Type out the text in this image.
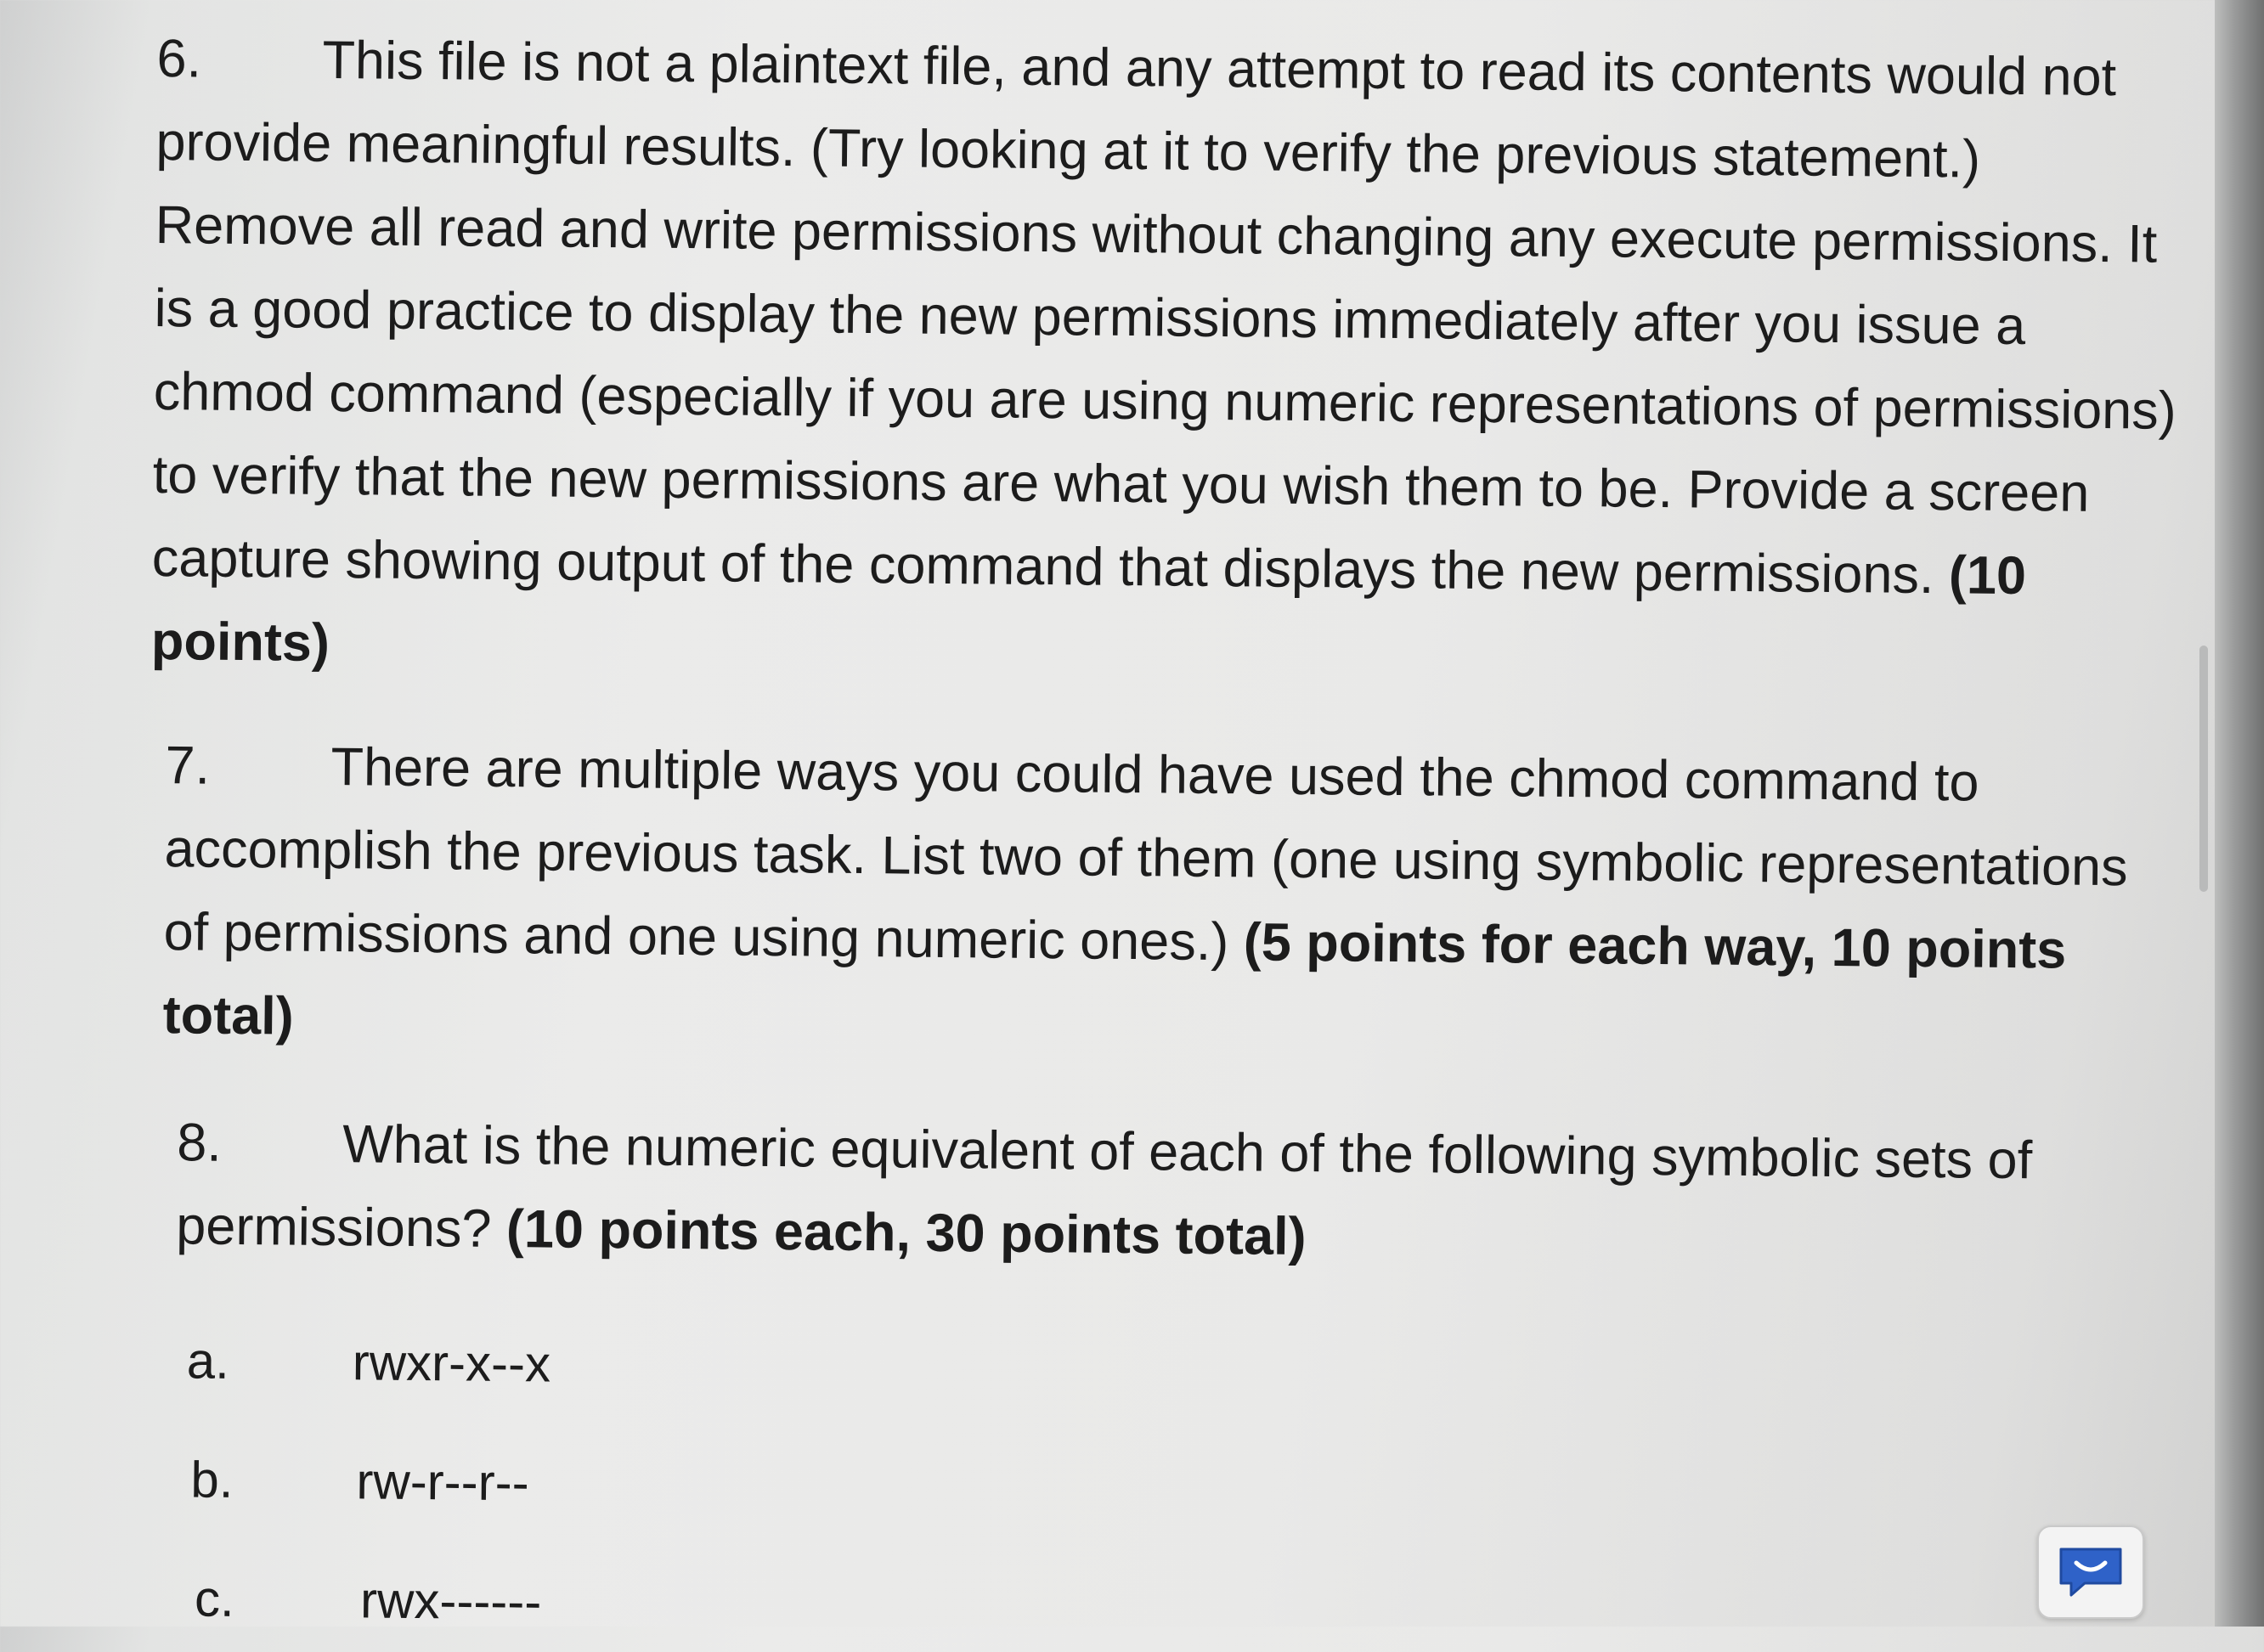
6. This file is not a plaintext file, and any attempt to read its contents would not provide meaningful results. (Try looking at it to verify the previous statement.) Remove all read and write permissions without changing any execute permissions. It is a good practice to display the new permissions immediately after you issue a chmod command (especially if you are using numeric representations of permissions) to verify that the new permissions are what you wish them to be. Provide a screen capture showing output of the command that displays the new permissions. (10 points)

7. There are multiple ways you could have used the chmod command to accomplish the previous task. List two of them (one using symbolic representations of permissions and one using numeric ones.) (5 points for each way, 10 points total)

8. What is the numeric equivalent of each of the following symbolic sets of permissions? (10 points each, 30 points total)

a.	rwxr-x--x
b.	rw-r--r--
c.	rwx------
